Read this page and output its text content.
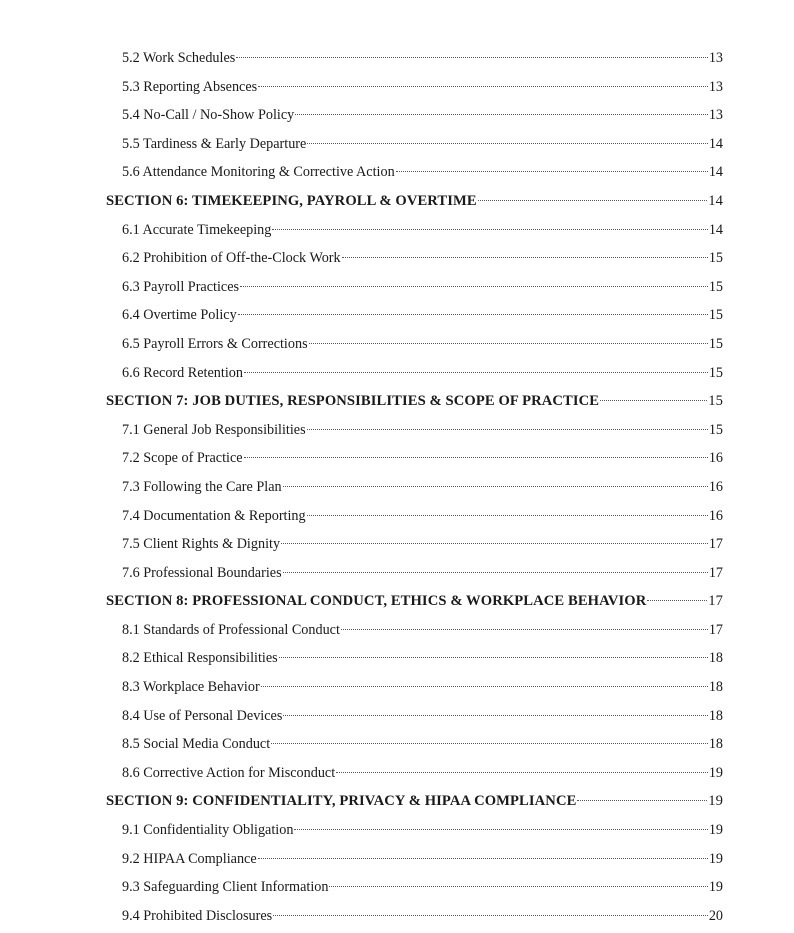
5.2 Work Schedules	13
5.3 Reporting Absences	13
5.4 No-Call / No-Show Policy	13
5.5 Tardiness & Early Departure	14
5.6 Attendance Monitoring & Corrective Action	14
SECTION 6: TIMEKEEPING, PAYROLL & OVERTIME	14
6.1 Accurate Timekeeping	14
6.2 Prohibition of Off-the-Clock Work	15
6.3 Payroll Practices	15
6.4 Overtime Policy	15
6.5 Payroll Errors & Corrections	15
6.6 Record Retention	15
SECTION 7: JOB DUTIES, RESPONSIBILITIES & SCOPE OF PRACTICE	15
7.1 General Job Responsibilities	15
7.2 Scope of Practice	16
7.3 Following the Care Plan	16
7.4 Documentation & Reporting	16
7.5 Client Rights & Dignity	17
7.6 Professional Boundaries	17
SECTION 8: PROFESSIONAL CONDUCT, ETHICS & WORKPLACE BEHAVIOR	17
8.1 Standards of Professional Conduct	17
8.2 Ethical Responsibilities	18
8.3 Workplace Behavior	18
8.4 Use of Personal Devices	18
8.5 Social Media Conduct	18
8.6 Corrective Action for Misconduct	19
SECTION 9: CONFIDENTIALITY, PRIVACY & HIPAA COMPLIANCE	19
9.1 Confidentiality Obligation	19
9.2 HIPAA Compliance	19
9.3 Safeguarding Client Information	19
9.4 Prohibited Disclosures	20
